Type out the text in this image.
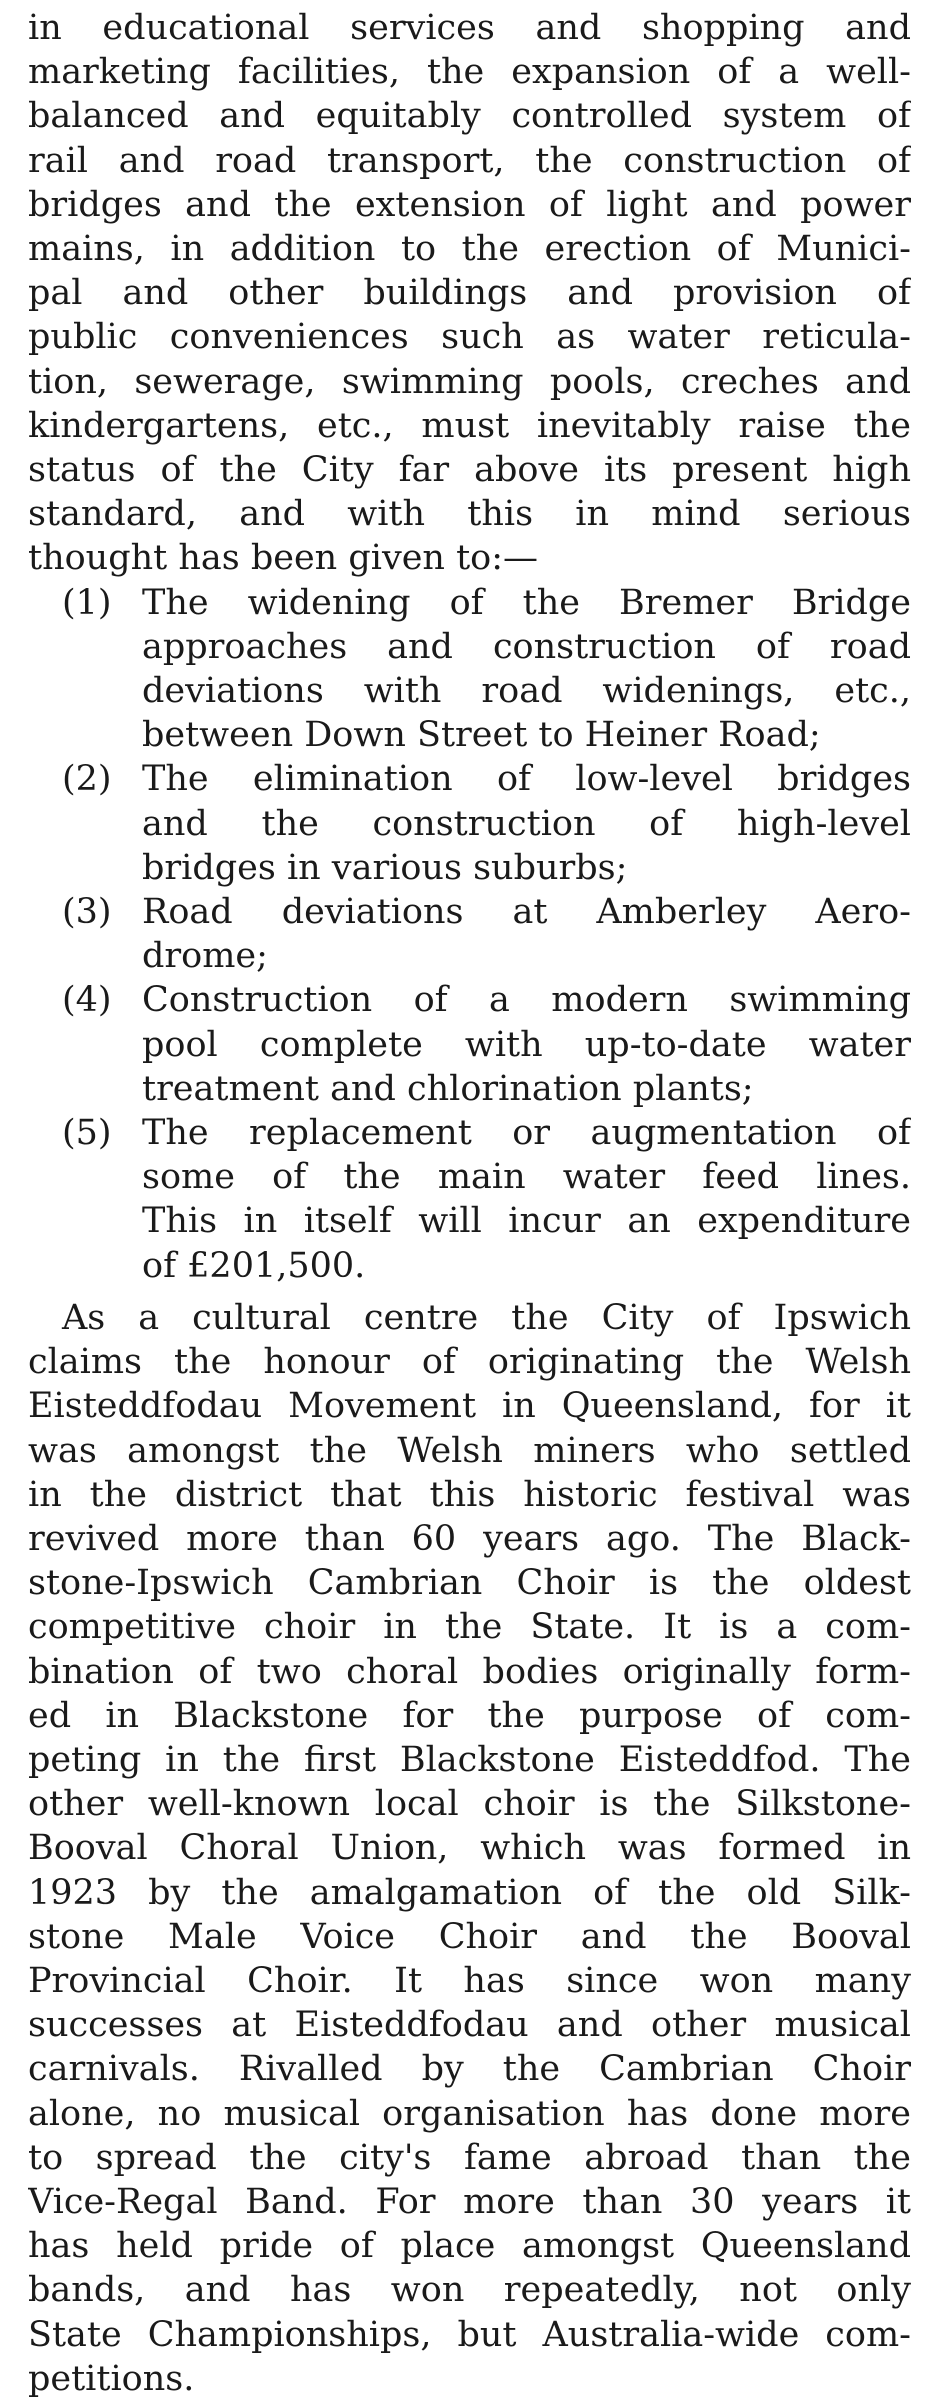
in educational services and shopping and
marketing facilities, the expansion of a well-
balanced and equitably controlled system of
rail and road transport, the construction of
bridges and the extension of light and power
mains, in addition to the erection of Munici-
pal and other buildings and provision of
public conveniences such as water reticula-
tion, sewerage, swimming pools, creches and
kindergartens, etc., must inevitably raise the
status of the City far above its present high
standard, and with this in mind serious
thought has been given to:—
(1) The widening of the Bremer Bridge
approaches and construction of road
deviations with road widenings, etc.,
between Down Street to Heiner Road;
(2) The elimination of low-level bridges
and the construction of high-level
bridges in various suburbs;
(3) Road deviations at Amberley Aero-
drome;
(4) Construction of a modern swimming
pool complete with up-to-date water
treatment and chlorination plants;
(5) The replacement or augmentation of
some of the main water feed lines.
This in itself will incur an expenditure
of £201,500.
As a cultural centre the City of Ipswich
claims the honour of originating the Welsh
Eisteddfodau Movement in Queensland, for it
was amongst the Welsh miners who settled
in the district that this historic festival was
revived more than 60 years ago. The Black-
stone-Ipswich Cambrian Choir is the oldest
competitive choir in the State. It is a com-
bination of two choral bodies originally form-
ed in Blackstone for the purpose of com-
peting in the first Blackstone Eisteddfod. The
other well-known local choir is the Silkstone-
Booval Choral Union, which was formed in
1923 by the amalgamation of the old Silk-
stone Male Voice Choir and the Booval
Provincial Choir. It has since won many
successes at Eisteddfodau and other musical
carnivals. Rivalled by the Cambrian Choir
alone, no musical organisation has done more
to spread the city's fame abroad than the
Vice-Regal Band. For more than 30 years it
has held pride of place amongst Queensland
bands, and has won repeatedly, not only
State Championships, but Australia-wide com-
petitions.
